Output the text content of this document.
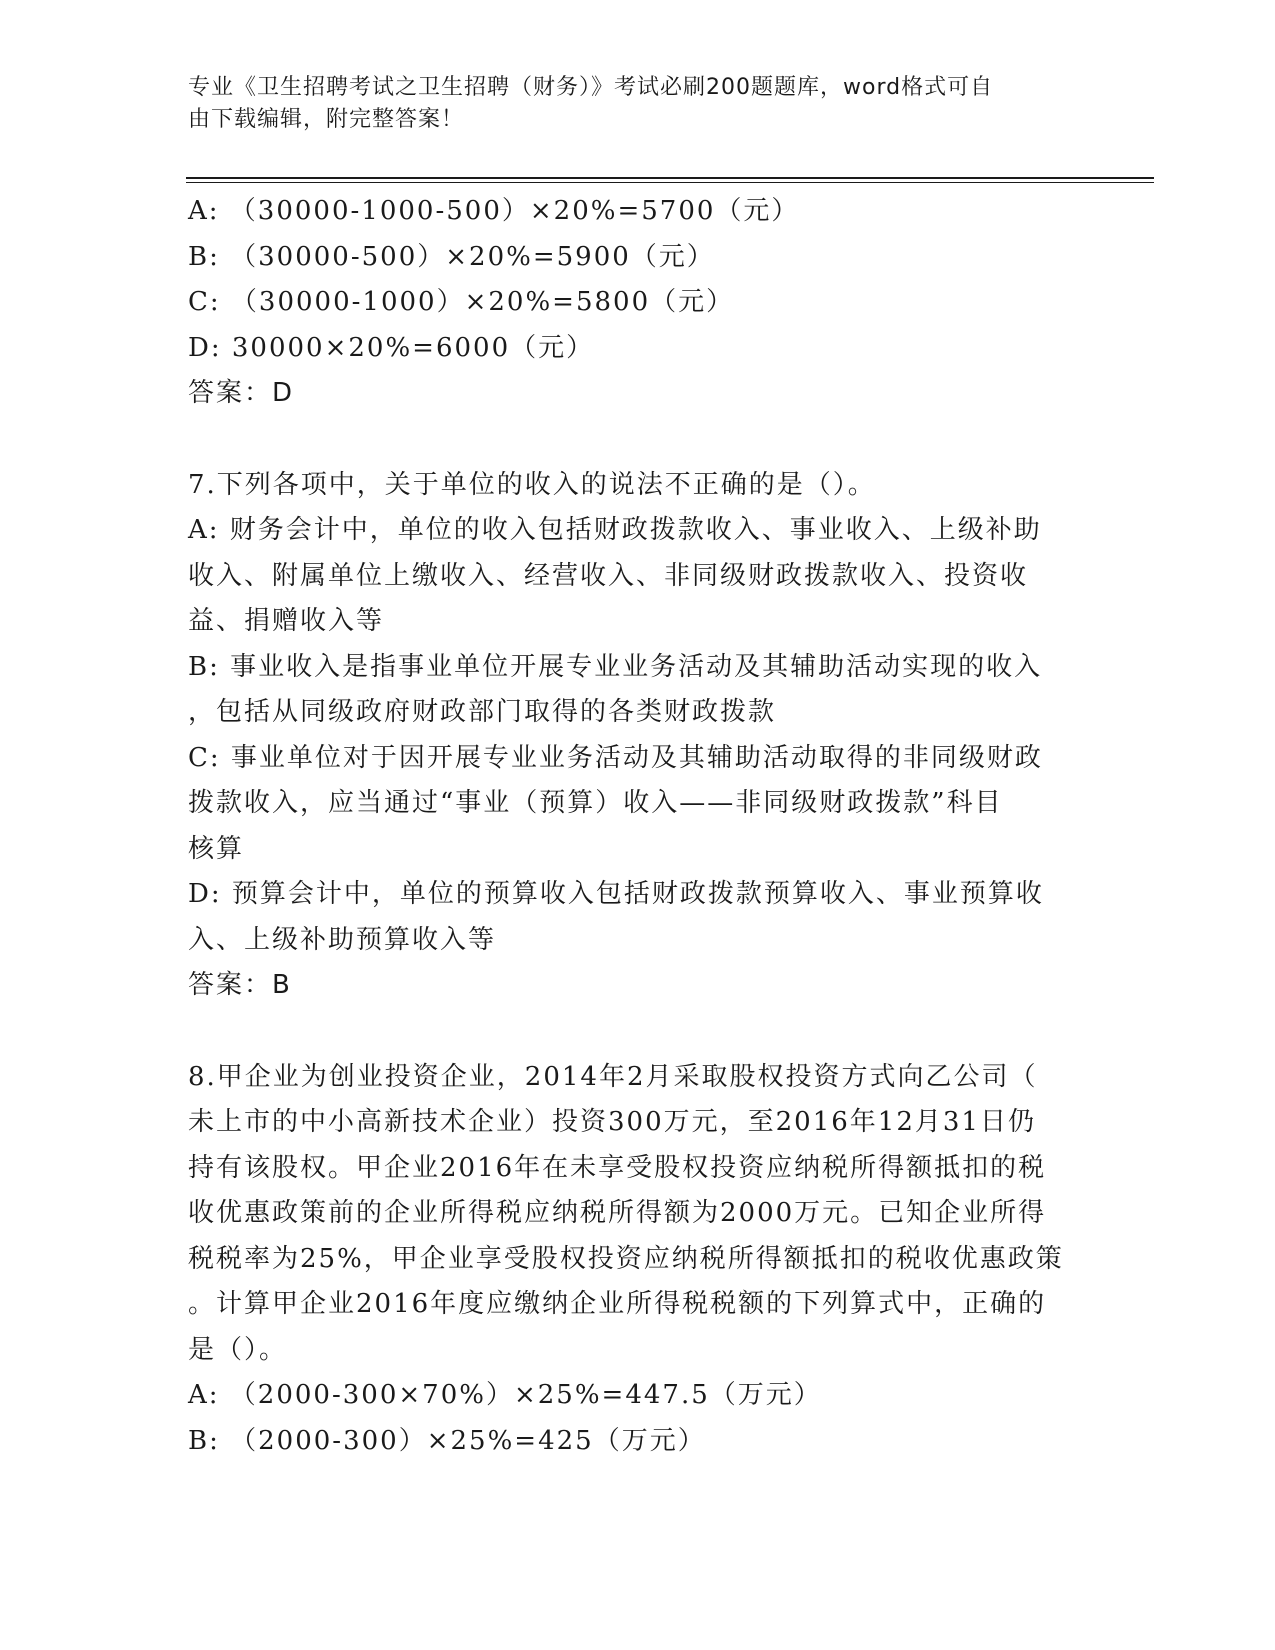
专业《卫生招聘考试之卫生招聘（财务）》考试必刷200题题库，word格式可自
由下载编辑，附完整答案！
A: （30000-1000-500）×20%=5700（元）
B: （30000-500）×20%=5900（元）
C: （30000-1000）×20%=5800（元）
D: 30000×20%=6000（元）
答案：D
7.下列各项中，关于单位的收入的说法不正确的是（）。
A: 财务会计中，单位的收入包括财政拨款收入、事业收入、上级补助
收入、附属单位上缴收入、经营收入、非同级财政拨款收入、投资收
益、捐赠收入等
B: 事业收入是指事业单位开展专业业务活动及其辅助活动实现的收入
，包括从同级政府财政部门取得的各类财政拨款
C: 事业单位对于因开展专业业务活动及其辅助活动取得的非同级财政
拨款收入，应当通过“事业（预算）收入——非同级财政拨款”科目
核算
D: 预算会计中，单位的预算收入包括财政拨款预算收入、事业预算收
入、上级补助预算收入等
答案：B
8.甲企业为创业投资企业，2014年2月采取股权投资方式向乙公司（
未上市的中小高新技术企业）投资300万元，至2016年12月31日仍
持有该股权。甲企业2016年在未享受股权投资应纳税所得额抵扣的税
收优惠政策前的企业所得税应纳税所得额为2000万元。已知企业所得
税税率为25%，甲企业享受股权投资应纳税所得额抵扣的税收优惠政策
。计算甲企业2016年度应缴纳企业所得税税额的下列算式中，正确的
是（）。
A: （2000-300×70%）×25%=447.5（万元）
B: （2000-300）×25%=425（万元）
